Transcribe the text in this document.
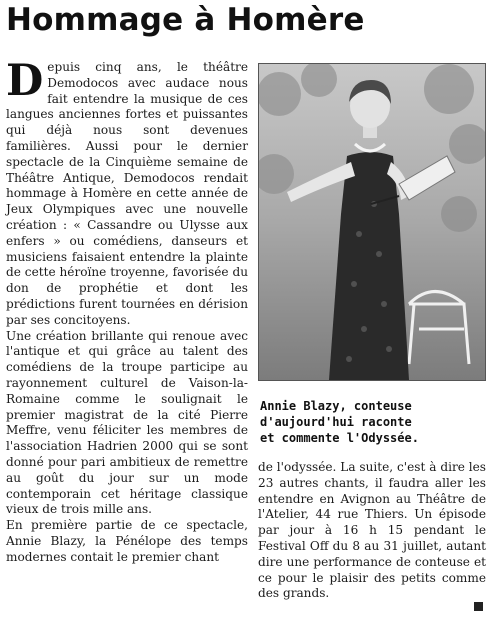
Hommage à Homère

Depuis cinq ans, le théâtre Demodocos avec audace nous fait entendre la musique de ces langues anciennes fortes et puissantes qui déjà nous sont devenues familières. Aussi pour le dernier spectacle de la Cinquième semaine de Théâtre Antique, Demodocos rendait hommage à Homère en cette année de Jeux Olympiques avec une nouvelle création : « Cassandre ou Ulysse aux enfers » ou comédiens, danseurs et musiciens faisaient entendre la plainte de cette héroïne troyenne, favorisée du don de prophétie et dont les prédictions furent tournées en dérision par ses concitoyens.

Une création brillante qui renoue avec l'antique et qui grâce au talent des comédiens de la troupe participe au rayonnement culturel de Vaison-la-Romaine comme le soulignait le premier magistrat de la cité Pierre Meffre, venu féliciter les membres de l'association Hadrien 2000 qui se sont donné pour pari ambitieux de remettre au goût du jour sur un mode contemporain cet héritage classique vieux de trois mille ans.

En première partie de ce spectacle, Annie Blazy, la Pénélope des temps modernes contait le premier chant

Annie Blazy, conteuse
d'aujourd'hui raconte
et commente l'Odyssée.

de l'odyssée. La suite, c'est à dire les 23 autres chants, il faudra aller les entendre en Avignon au Théâtre de l'Atelier, 44 rue Thiers. Un épisode par jour à 16 h 15 pendant le Festival Off du 8 au 31 juillet, autant dire une performance de conteuse et ce pour le plaisir des petits comme des grands.
